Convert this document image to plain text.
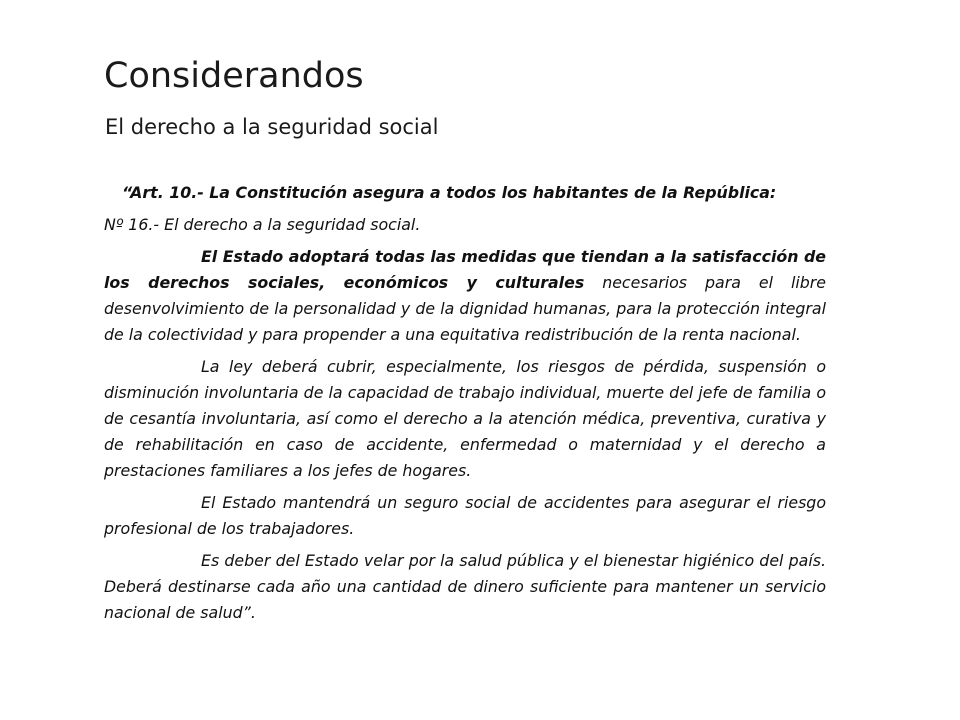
Considerandos
El derecho a la seguridad social

“Art. 10.- La Constitución asegura a todos los habitantes de la República:

Nº 16.- El derecho a la seguridad social.

El Estado adoptará todas las medidas que tiendan a la satisfacción de los derechos sociales, económicos y culturales necesarios para el libre desenvolvimiento de la personalidad y de la dignidad humanas, para la protección integral de la colectividad y para propender a una equitativa redistribución de la renta nacional.

La ley deberá cubrir, especialmente, los riesgos de pérdida, suspensión o disminución involuntaria de la capacidad de trabajo individual, muerte del jefe de familia o de cesantía involuntaria, así como el derecho a la atención médica, preventiva, curativa y de rehabilitación en caso de accidente, enfermedad o maternidad y el derecho a prestaciones familiares a los jefes de hogares.

El Estado mantendrá un seguro social de accidentes para asegurar el riesgo profesional de los trabajadores.

Es deber del Estado velar por la salud pública y el bienestar higiénico del país. Deberá destinarse cada año una cantidad de dinero suficiente para mantener un servicio nacional de salud”.
